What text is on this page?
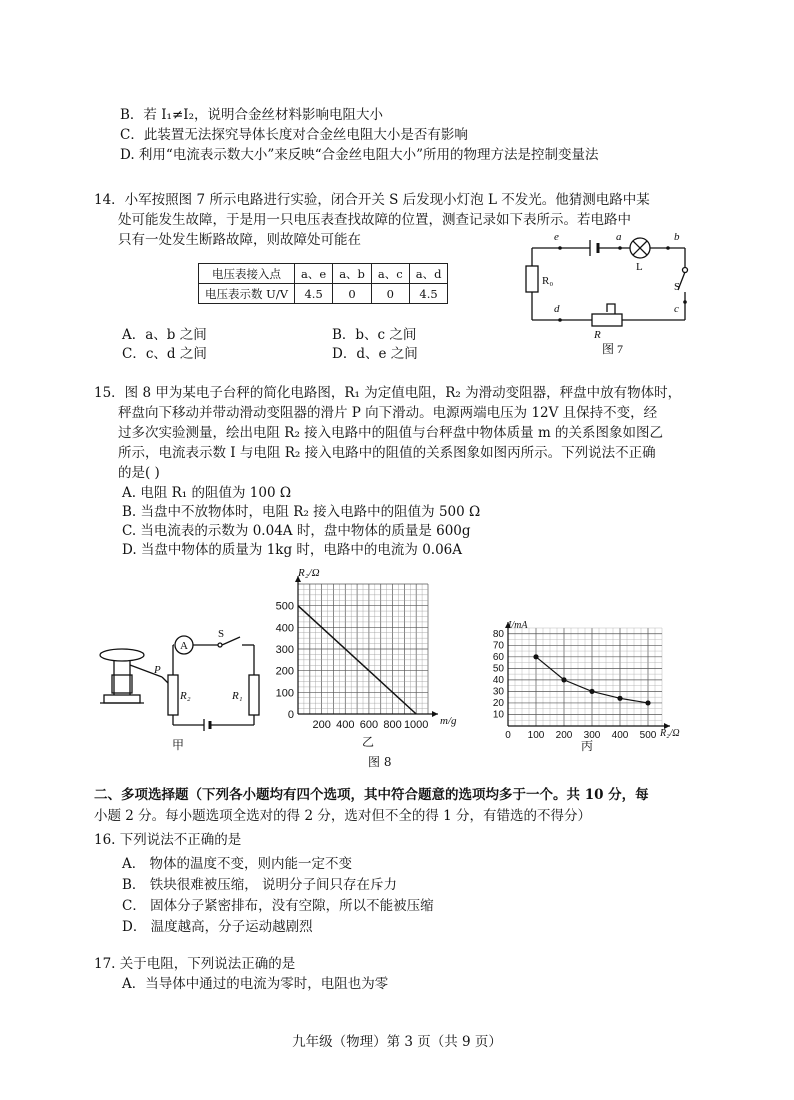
B．若 I₁≠I₂，说明合金丝材料影响电阻大小
C．此装置无法探究导体长度对合金丝电阻大小是否有影响
D. 利用“电流表示数大小”来反映“合金丝电阻大小”所用的物理方法是控制变量法
14．小军按照图 7 所示电路进行实验，闭合开关 S 后发现小灯泡 L 不发光。他猜测电路中某
处可能发生故障，于是用一只电压表查找故障的位置，测查记录如下表所示。若电路中
只有一处发生断路故障，则故障处可能在
电压表接入点	a、e	a、b	a、c	a、d
电压表示数 U/V	4.5	0	0	4.5
A．a、b 之间	B．b、c 之间
C．c、d 之间	D．d、e 之间
e	a	b
L
R₀	S
c
d
R
图 7
15．图 8 甲为某电子台秤的简化电路图，R₁ 为定值电阻，R₂ 为滑动变阻器，秤盘中放有物体时，
秤盘向下移动并带动滑动变阻器的滑片 P 向下滑动。电源两端电压为 12V 且保持不变，经
过多次实验测量，绘出电阻 R₂ 接入电路中的阻值与台秤盘中物体质量 m 的关系图象如图乙
所示，电流表示数 I 与电阻 R₂ 接入电路中的阻值的关系图象如图丙所示。下列说法不正确
的是( )
A. 电阻 R₁ 的阻值为 100 Ω
B. 当盘中不放物体时，电阻 R₂ 接入电路中的阻值为 500 Ω
C. 当电流表的示数为 0.04A 时，盘中物体的质量是 600g
D. 当盘中物体的质量为 1kg 时，电路中的电流为 0.06A
A
S
P
R₂	R₁
甲
200 400 600 800 1000
0
100
200
300
400
500
R₂/Ω
m/g
乙	0 100 200 300 400 500
10
20
30
40
50
60
70
80
I/mA
R₂/Ω
丙
图 8
二、多项选择题（下列各小题均有四个选项，其中符合题意的选项均多于一个。共 10 分，每
小题 2 分。每小题选项全选对的得 2 分，选对但不全的得 1 分，有错选的不得分）
16. 下列说法不正确的是
A． 物体的温度不变，则内能一定不变
B． 铁块很难被压缩， 说明分子间只存在斥力
C． 固体分子紧密排布，没有空隙，所以不能被压缩
D． 温度越高，分子运动越剧烈
17. 关于电阻，下列说法正确的是
A．当导体中通过的电流为零时，电阻也为零
九年级（物理）第 3 页（共 9 页）
